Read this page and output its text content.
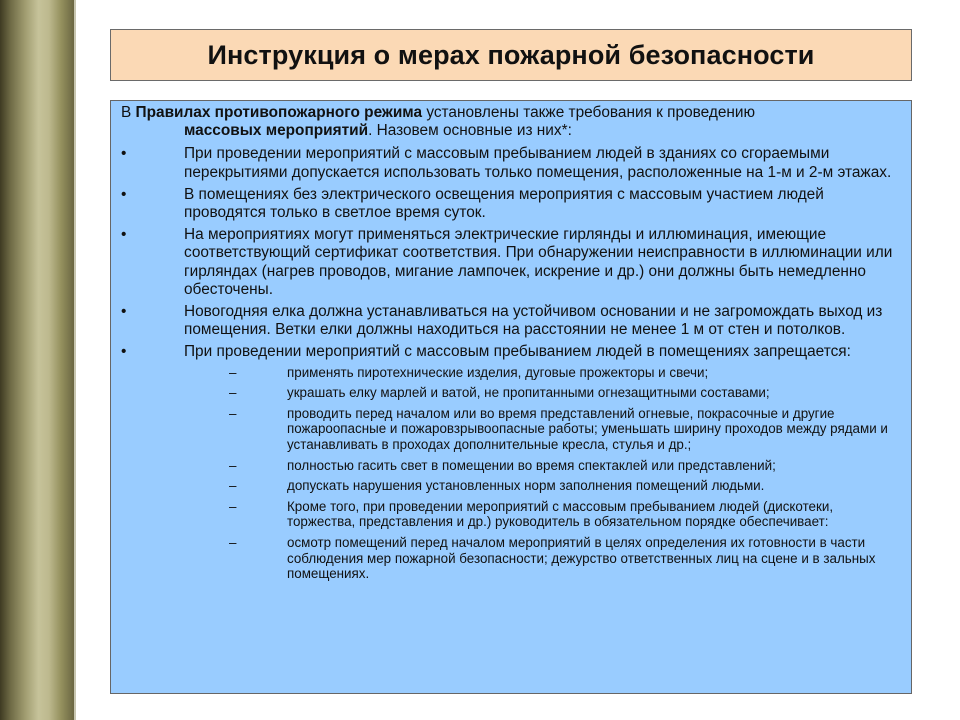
Инструкция о мерах пожарной безопасности
В Правилах противопожарного режима установлены также требования к проведению
массовых мероприятий. Назовем основные из них*:
•	При проведении мероприятий с массовым пребыванием людей в зданиях со сгораемыми перекрытиями допускается использовать только помещения, расположенные на 1-м и 2-м этажах.
•	В помещениях без электрического освещения мероприятия с массовым участием людей проводятся только в светлое время суток.
•	На мероприятиях могут применяться электрические гирлянды и иллюминация, имеющие соответствующий сертификат соответствия. При обнаружении неисправности в иллюминации или гирляндах (нагрев проводов, мигание лампочек, искрение и др.) они должны быть немедленно обесточены.
•	Новогодняя елка должна устанавливаться на устойчивом основании и не загромождать выход из помещения. Ветки елки должны находиться на расстоянии не менее 1 м от стен и потолков.
•	При проведении мероприятий с массовым пребыванием людей в помещениях запрещается:
–	применять пиротехнические изделия, дуговые прожекторы и свечи;
–	украшать елку марлей и ватой, не пропитанными огнезащитными составами;
–	проводить перед началом или во время представлений огневые, покрасочные и другие пожароопасные и пожаровзрывоопасные работы; уменьшать ширину проходов между рядами и устанавливать в проходах дополнительные кресла, стулья и др.;
–	полностью гасить свет в помещении во время спектаклей или представлений;
–	допускать нарушения установленных норм заполнения помещений людьми.
–	Кроме того, при проведении мероприятий с массовым пребыванием людей (дискотеки, торжества, представления и др.) руководитель в обязательном порядке обеспечивает:
–	осмотр помещений перед началом мероприятий в целях определения их готовности в части соблюдения мер пожарной безопасности; дежурство ответственных лиц на сцене и в зальных помещениях.
